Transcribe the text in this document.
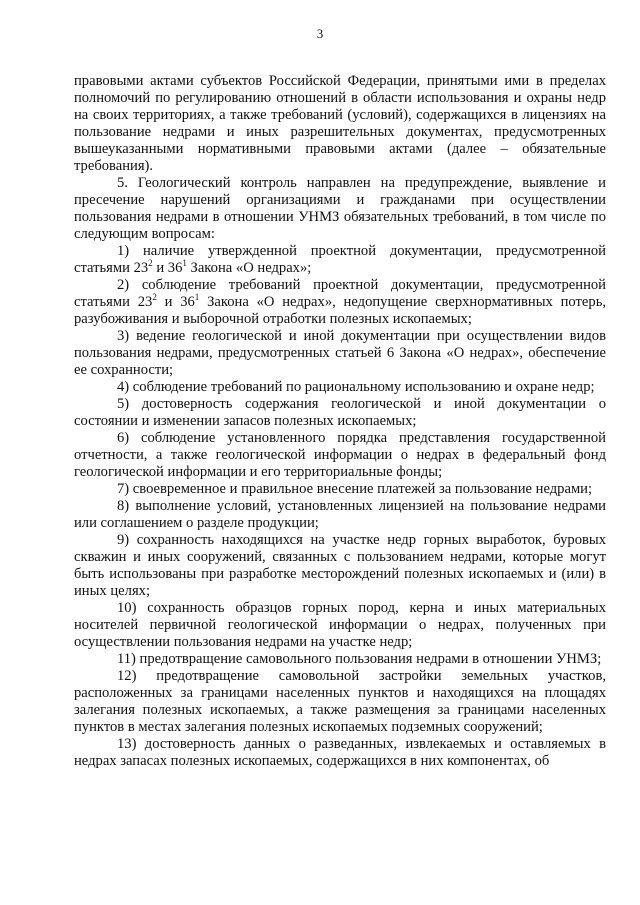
3

правовыми актами субъектов Российской Федерации, принятыми ими в пределах полномочий по регулированию отношений в области использования и охраны недр на своих территориях, а также требований (условий), содержащихся в лицензиях на пользование недрами и иных разрешительных документах, предусмотренных вышеуказанными нормативными правовыми актами (далее – обязательные требования).

5. Геологический контроль направлен на предупреждение, выявление и пресечение нарушений организациями и гражданами при осуществлении пользования недрами в отношении УНМЗ обязательных требований, в том числе по следующим вопросам:

1) наличие утвержденной проектной документации, предусмотренной статьями $23^2$ и $36^1$ Закона «О недрах»;

2) соблюдение требований проектной документации, предусмотренной статьями $23^2$ и $36^1$ Закона «О недрах», недопущение сверхнормативных потерь, разубоживания и выборочной отработки полезных ископаемых;

3) ведение геологической и иной документации при осуществлении видов пользования недрами, предусмотренных статьей 6 Закона «О недрах», обеспечение ее сохранности;

4) соблюдение требований по рациональному использованию и охране недр;

5) достоверность содержания геологической и иной документации о состоянии и изменении запасов полезных ископаемых;

6) соблюдение установленного порядка представления государственной отчетности, а также геологической информации о недрах в федеральный фонд геологической информации и его территориальные фонды;

7) своевременное и правильное внесение платежей за пользование недрами;

8) выполнение условий, установленных лицензией на пользование недрами или соглашением о разделе продукции;

9) сохранность находящихся на участке недр горных выработок, буровых скважин и иных сооружений, связанных с пользованием недрами, которые могут быть использованы при разработке месторождений полезных ископаемых и (или) в иных целях;

10) сохранность образцов горных пород, керна и иных материальных носителей первичной геологической информации о недрах, полученных при осуществлении пользования недрами на участке недр;

11) предотвращение самовольного пользования недрами в отношении УНМЗ;

12) предотвращение самовольной застройки земельных участков, расположенных за границами населенных пунктов и находящихся на площадях залегания полезных ископаемых, а также размещения за границами населенных пунктов в местах залегания полезных ископаемых подземных сооружений;

13) достоверность данных о разведанных, извлекаемых и оставляемых в недрах запасах полезных ископаемых, содержащихся в них компонентах, об
